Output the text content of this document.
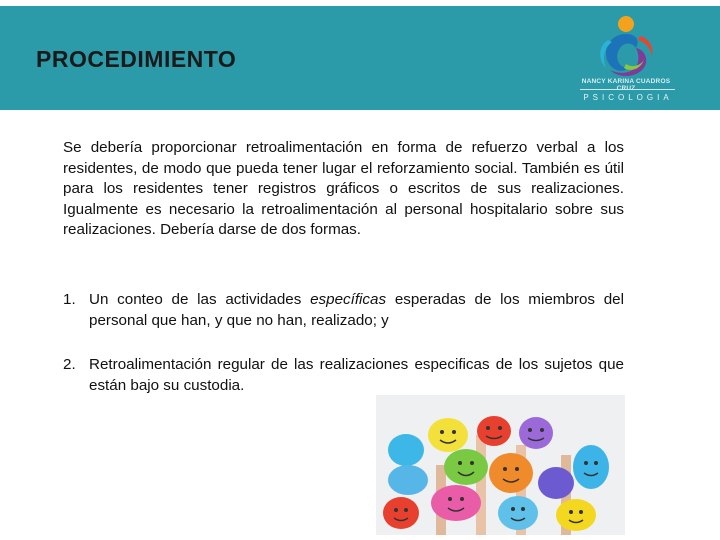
PROCEDIMIENTO
NANCY KARINA CUADROS
PSICOLOGIA

Se debería proporcionar retroalimentación en forma de refuerzo verbal a los residentes, de modo que pueda tener lugar el reforzamiento social. También es útil para los residentes tener registros gráficos o escritos de sus realizaciones. Igualmente es necesario la retroalimentación al personal hospitalario sobre sus realizaciones. Debería darse de dos formas.

1. Un conteo de las actividades específicas esperadas de los miembros del personal que han, y que no han, realizado; y
2. Retroalimentación regular de las realizaciones especificas de los sujetos que están bajo su custodia.
